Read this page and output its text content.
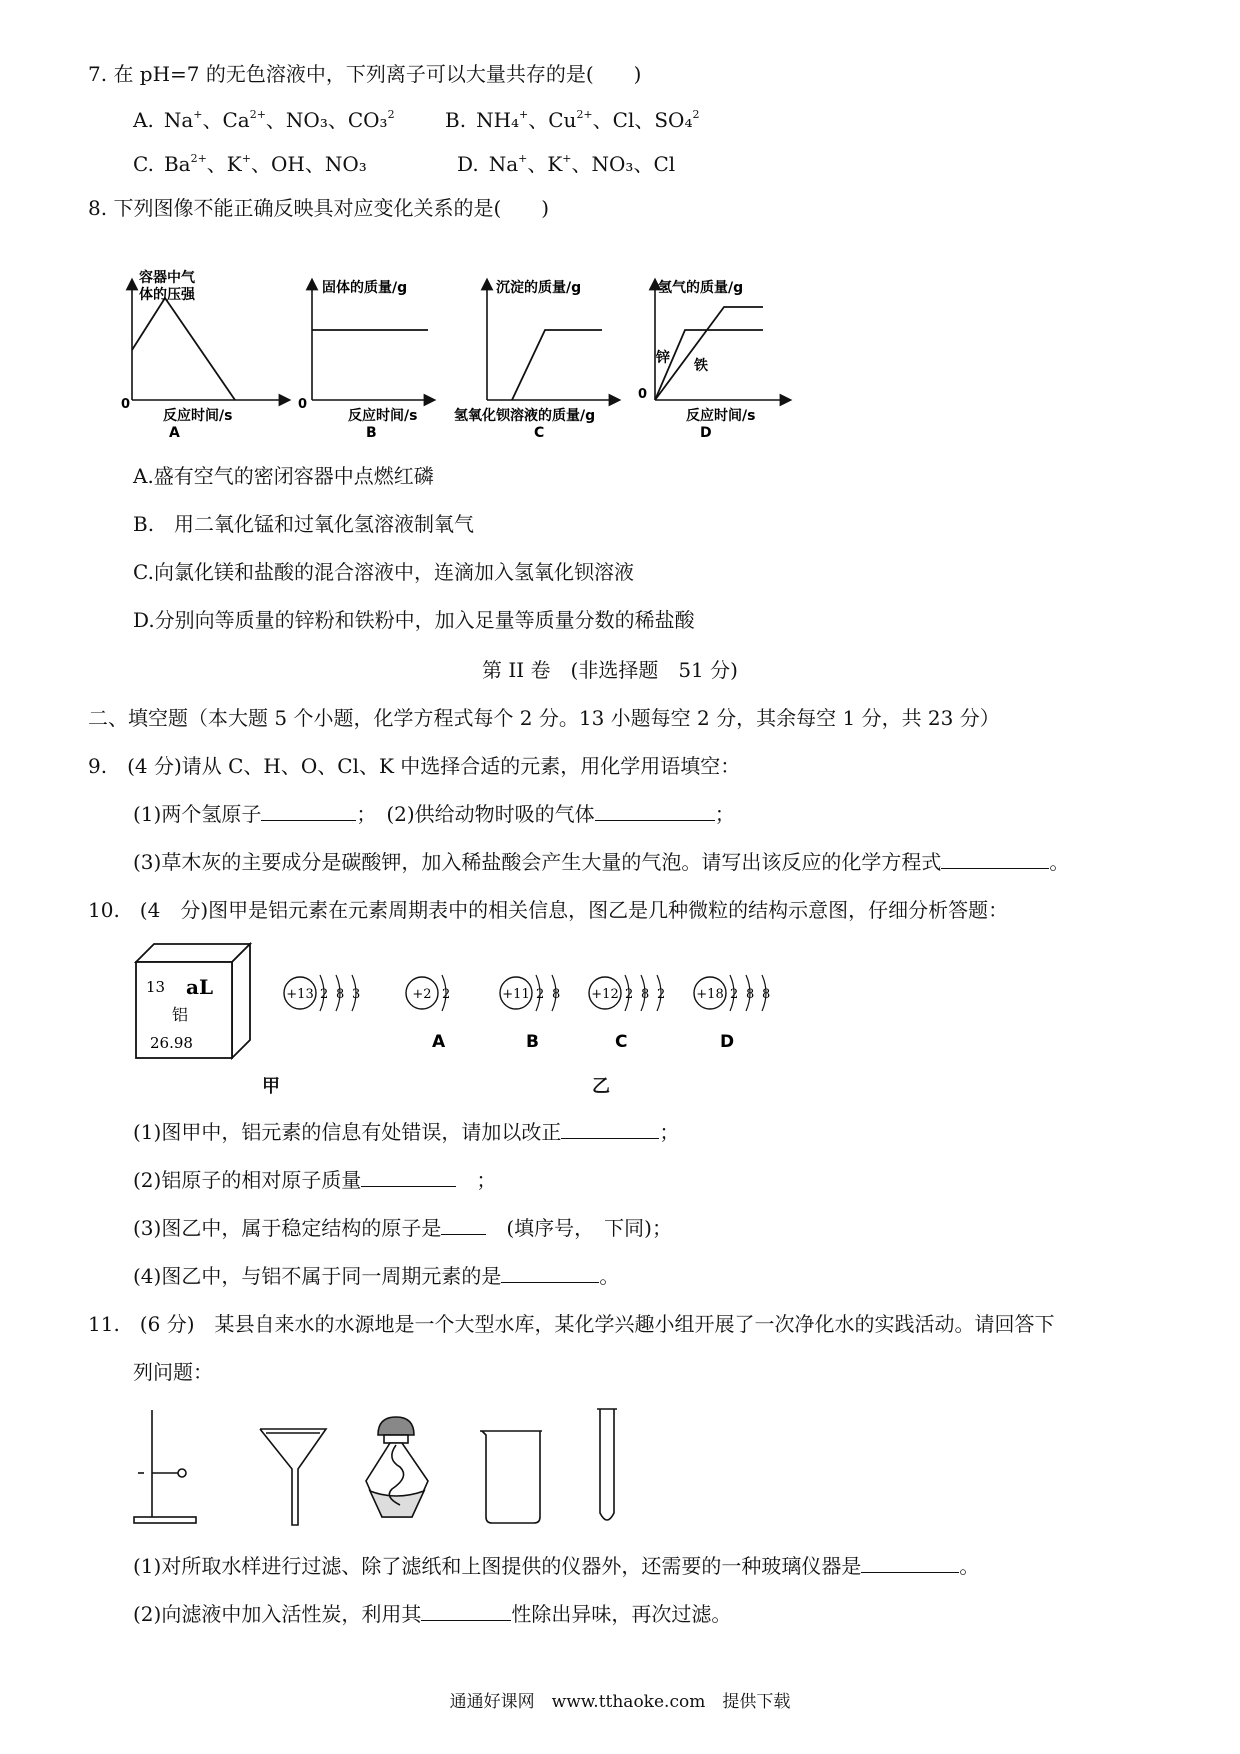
7. 在 pH=7 的无色溶液中，下列离子可以大量共存的是(　　)
A. Na+、$Ca^{2+}$、NO₃、CO₃$^2$	B. NH₄+、$Cu^{2+}$、Cl、SO₄$^2$
C. $Ba^{2+}$、K+、OH、NO₃	D. Na+、K+、NO₃、Cl
8. 下列图像不能正确反映具对应变化关系的是(　　)
容器中气
体的压强
0
反应时间/s
A
固体的质量/g
0
反应时间/s
B
沉淀的质量/g
氢氧化钡溶液的质量/g
C
氢气的质量/g
锌 铁
0
反应时间/s
D
A.盛有空气的密闭容器中点燃红磷
B.　用二氧化锰和过氧化氢溶液制氧气
C.向氯化镁和盐酸的混合溶液中，连滴加入氢氧化钡溶液
D.分别向等质量的锌粉和铁粉中，加入足量等质量分数的稀盐酸
第 II 卷　(非选择题　51 分)
二、填空题（本大题 5 个小题，化学方程式每个 2 分。13 小题每空 2 分，其余每空 1 分，共 23 分）
9.　(4 分)请从 C、H、O、Cl、K 中选择合适的元素，用化学用语填空：
(1)两个氢原子	；　(2)供给动物时吸的气体	；
(3)草木灰的主要成分是碳酸钾，加入稀盐酸会产生大量的气泡。请写出该反应的化学方程式	。
10.　(4　分)图甲是铝元素在元素周期表中的相关信息，图乙是几种微粒的结构示意图，仔细分析答题：
13 aL
铝
26.98
+13 2 8 3	+2 2
A
+11 2 8
B
+12 2 8 2
C
+18 2 8 8
D
甲	乙
(1)图甲中，铝元素的信息有处错误，请加以改正	；
(2)铝原子的相对原子质量	　；
(3)图乙中，属于稳定结构的原子是　(填序号，　下同)；
(4)图乙中，与铝不属于同一周期元素的是	。
11.　(6 分)　某县自来水的水源地是一个大型水库，某化学兴趣小组开展了一次净化水的实践活动。请回答下
列问题：
(1)对所取水样进行过滤、除了滤纸和上图提供的仪器外，还需要的一种玻璃仪器是	。
(2)向滤液中加入活性炭，利用其	性除出异味，再次过滤。
通通好课网　www.tthaoke.com　提供下载
